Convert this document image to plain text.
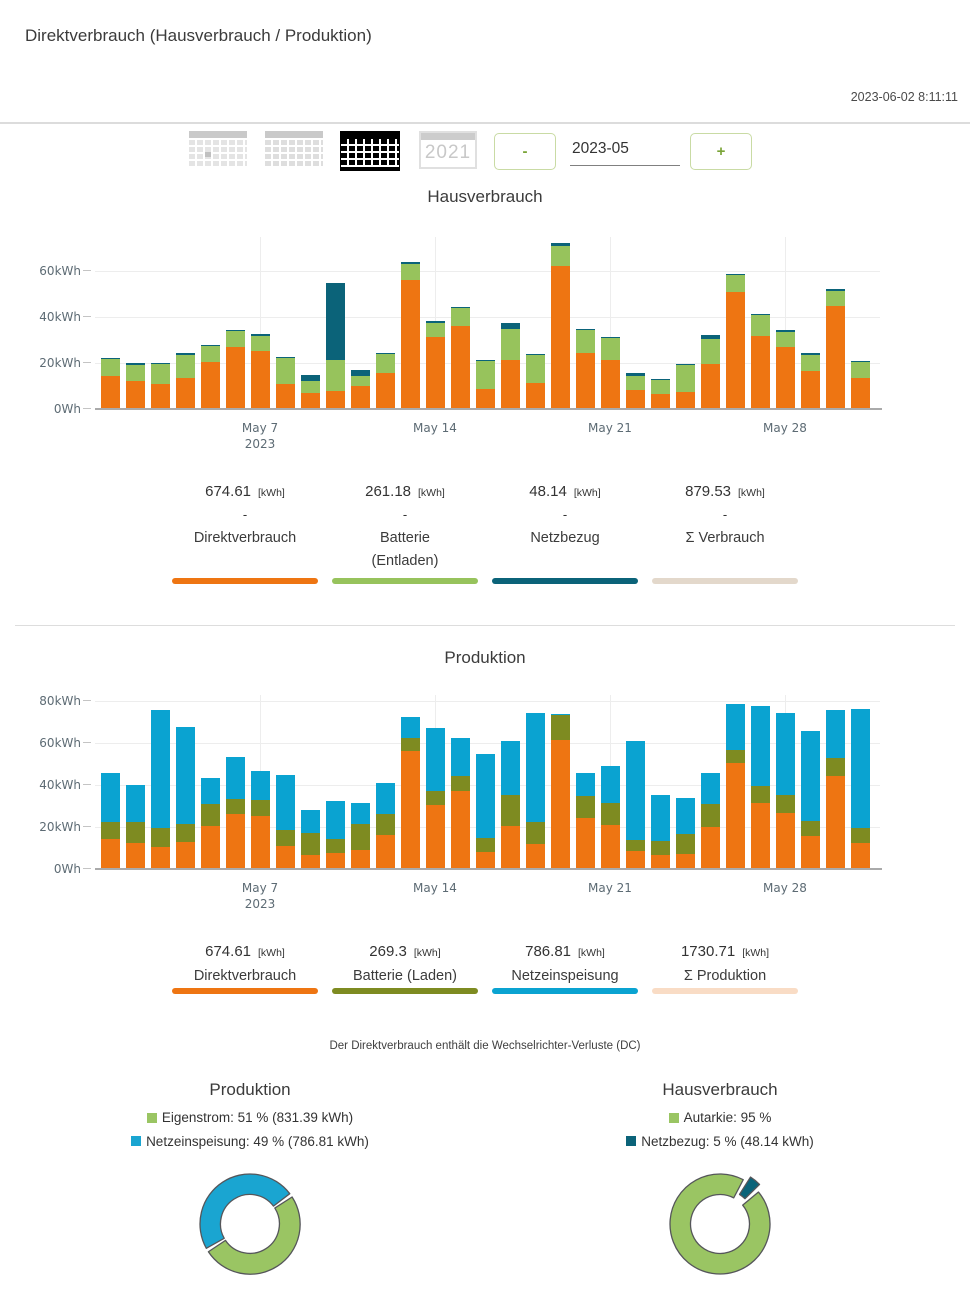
Direktverbrauch (Hausverbrauch / Produktion)
2023-06-02 8:11:11
2021	-
2023-05	+
Hausverbrauch
0Wh
20kWh
40kWh
60kWh
May 7
2023
May 14	May 21	May 28
674.61 [kWh]
-
Direktverbrauch
261.18 [kWh]
-
Batterie
(Entladen)
48.14 [kWh]
-
Netzbezug
879.53 [kWh]
-
Σ Verbrauch
Produktion
0Wh
20kWh
40kWh
60kWh
80kWh
May 7
2023
May 14	May 21	May 28
674.61 [kWh]
Direktverbrauch
269.3 [kWh]
Batterie (Laden)
786.81 [kWh]
Netzeinspeisung
1730.71 [kWh]
Σ Produktion
Der Direktverbrauch enthält die Wechselrichter-Verluste (DC)
Produktion
Eigenstrom: 51 % (831.39 kWh)
Netzeinspeisung: 49 % (786.81 kWh)
Hausverbrauch
Autarkie: 95 %
Netzbezug: 5 % (48.14 kWh)
